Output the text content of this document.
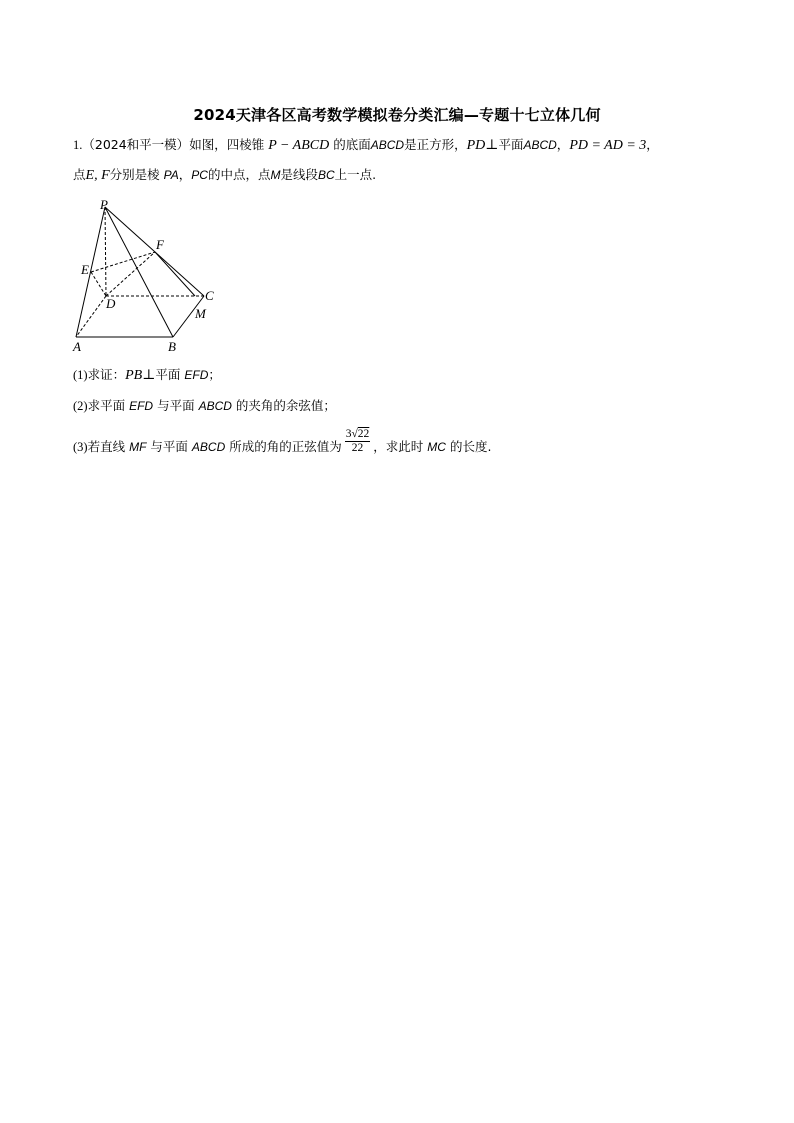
2024天津各区高考数学模拟卷分类汇编—专题十七立体几何
1.（2024和平一模）如图，四棱锥 P − ABCD 的底面ABCD是正方形，PD⊥平面ABCD，PD = AD = 3，
点E, F分别是棱 PA，PC的中点，点M是线段BC上一点.
P
F
E
D
C
M
A	B
(1)求证：PB⊥平面 EFD；
(2)求平面 EFD 与平面 ABCD 的夹角的余弦值；
(3)若直线 MF 与平面 ABCD 所成的角的正弦值为 $\frac{3√22}{22}$ ，求此时 MC 的长度.
